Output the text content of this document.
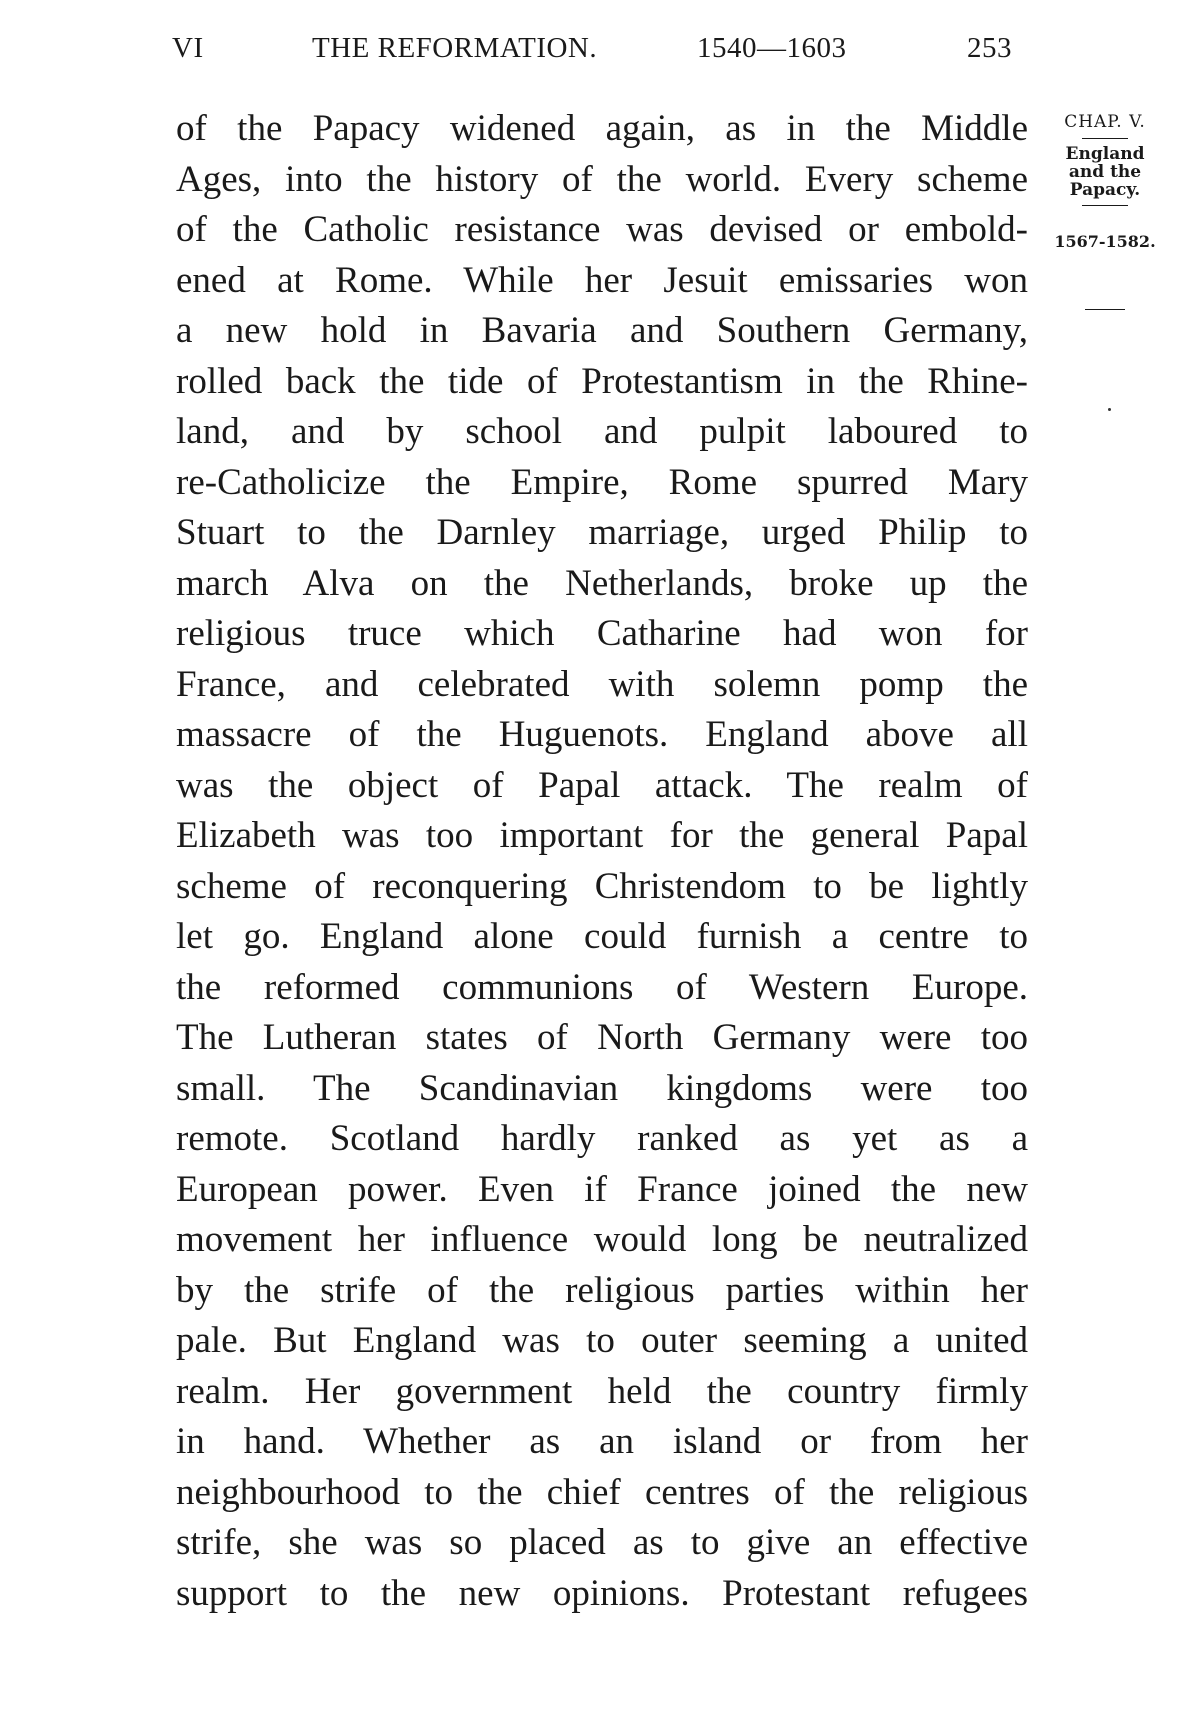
VI	THE REFORMATION.	1540—1603	253
of the Papacy widened again, as in the Middle
Ages, into the history of the world. Every scheme
of the Catholic resistance was devised or embold-
ened at Rome. While her Jesuit emissaries won
a new hold in Bavaria and Southern Germany,
rolled back the tide of Protestantism in the Rhine-
land, and by school and pulpit laboured to
re-Catholicize the Empire, Rome spurred Mary
Stuart to the Darnley marriage, urged Philip to
march Alva on the Netherlands, broke up the
religious truce which Catharine had won for
France, and celebrated with solemn pomp the
massacre of the Huguenots. England above all
was the object of Papal attack. The realm of
Elizabeth was too important for the general Papal
scheme of reconquering Christendom to be lightly
let go. England alone could furnish a centre to
the reformed communions of Western Europe.
The Lutheran states of North Germany were too
small. The Scandinavian kingdoms were too
remote. Scotland hardly ranked as yet as a
European power. Even if France joined the new
movement her influence would long be neutralized
by the strife of the religious parties within her
pale. But England was to outer seeming a united
realm. Her government held the country firmly
in hand. Whether as an island or from her
neighbourhood to the chief centres of the religious
strife, she was so placed as to give an effective
support to the new opinions. Protestant refugees
CHAP. V.
England
and the
Papacy.
1567-1582.
